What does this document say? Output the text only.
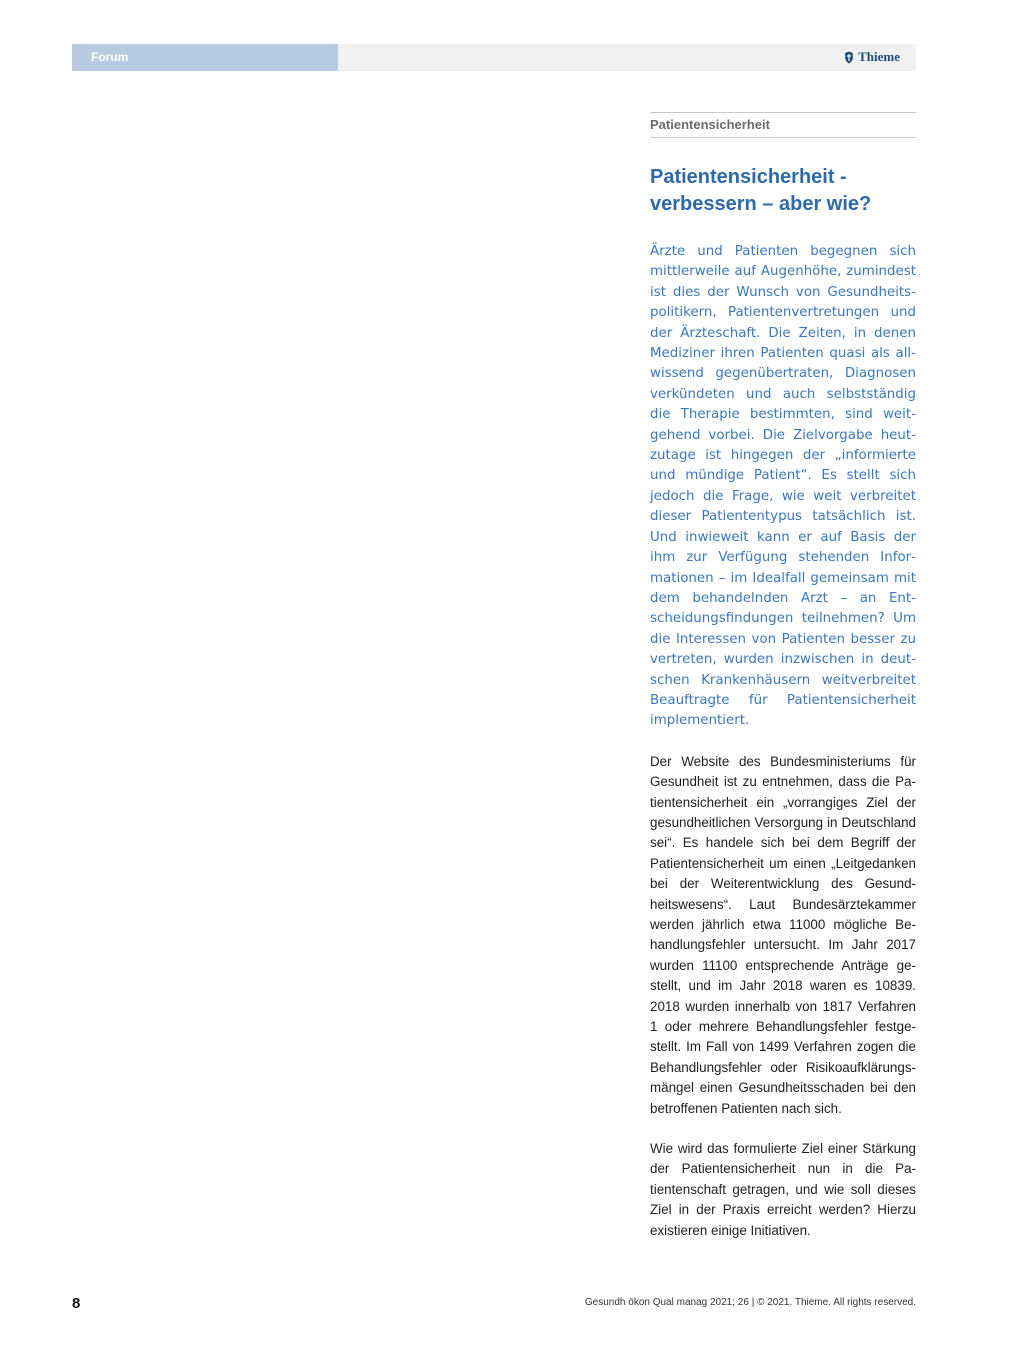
Forum	Thieme
Patientensicherheit
Patientensicherheit - verbessern – aber wie?

Ärzte und Patienten begegnen sich mittlerweile auf Augenhöhe, zumindest ist dies der Wunsch von Gesundheitspolitikern, Patientenvertretungen und der Ärzteschaft. Die Zeiten, in denen Mediziner ihren Patienten quasi als allwissend gegenübertraten, Diagnosen verkündeten und auch selbstständig die Therapie bestimmten, sind weitgehend vorbei. Die Zielvorgabe heutzutage ist hingegen der „informierte und mündige Patient“. Es stellt sich jedoch die Frage, wie weit verbreitet dieser Patiententypus tatsächlich ist. Und inwieweit kann er auf Basis der ihm zur Verfügung stehenden Informationen – im Idealfall gemeinsam mit dem behandelnden Arzt – an Entscheidungsfindungen teilnehmen? Um die Interessen von Patienten besser zu vertreten, wurden inzwischen in deutschen Krankenhäusern weitverbreitet Beauftragte für Patientensicherheit implementiert.

Der Website des Bundesministeriums für Gesundheit ist zu entnehmen, dass die Patientensicherheit ein „vorrangiges Ziel der gesundheitlichen Versorgung in Deutschland sei“. Es handele sich bei dem Begriff der Patientensicherheit um einen „Leitgedanken bei der Weiterentwicklung des Gesundheitswesens“. Laut Bundesärztekammer werden jährlich etwa 11000 mögliche Behandlungsfehler untersucht. Im Jahr 2017 wurden 11100 entsprechende Anträge gestellt, und im Jahr 2018 waren es 10839. 2018 wurden innerhalb von 1817 Verfahren 1 oder mehrere Behandlungsfehler festgestellt. Im Fall von 1499 Verfahren zogen die Behandlungsfehler oder Risikoaufklärungsmängel einen Gesundheitsschaden bei den betroffenen Patienten nach sich.

Wie wird das formulierte Ziel einer Stärkung der Patientensicherheit nun in die Patientenschaft getragen, und wie soll dieses Ziel in der Praxis erreicht werden? Hierzu existieren einige Initiativen.

8	Gesundh ökon Qual manag 2021; 26 | © 2021. Thieme. All rights reserved.
